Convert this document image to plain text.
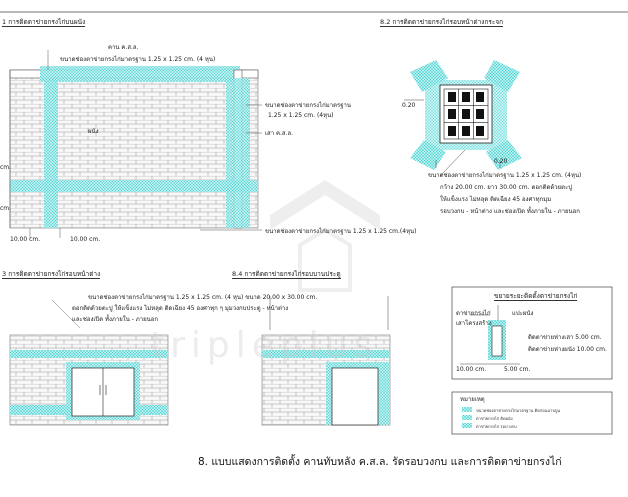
1 การติดตาข่ายกรงไก่บนผนัง	8.2 การติดตาข่ายกรงไก่รอบหน้าต่างกระจก
3 การติดตาข่ายกรงไก่รอบหน้าต่าง	8.4 การติดตาข่ายกรงไก่รอบบานประตู
ขยายระยะติดตั้งตาข่ายกรงไก่
คาน ค.ส.ล.
ขนาดช่องตาข่ายกรงไก่มาตรฐาน 1.25 x 1.25 cm. (4 หุน)
ขนาดช่องตาข่ายกรงไก่มาตรฐาน
1.25 x 1.25 cm. (4หุน)
เสา ค.ส.ล.
ขนาดช่องตาข่ายกรงไก่มาตรฐาน 1.25 x 1.25 cm.(4หุน)
10.00 cm.	10.00 cm.
cm.
cm.
ผนัง
0.20
0.20
ขนาดช่องตาข่ายกรงไก่มาตรฐาน 1.25 x 1.25 cm. (4หุน)
กว้าง 20.00 cm. ยาว 30.00 cm. ตอกติดด้วยตะปู
ให้แข็งแรง ไม่หลุด ติดเฉียง 45 องศาทุกมุม
รอบวงกบ - หน้าต่าง และช่องเปิด ทั้งภายใน - ภายนอก
ขนาดช่องตาข่ายกรงไก่มาตรฐาน 1.25 x 1.25 cm. (4 หุน) ขนาด 20.00 x 30.00 cm.
ตอกติดด้วยตะปู ให้แข็งแรง ไม่หลุด ติดเฉียง 45 องศาทุก ๆ มุมวงกบประตู - หน้าต่าง
และช่องเปิด ทั้งภายใน - ภายนอก
ตาข่ายกรงไก่	แปะผนัง
เสาโครงสร้าง
ติดตาข่ายห่างเสา 5.00 cm.
ติดตาข่ายห่างผนัง 10.00 cm.
10.00 cm.	5.00 cm.
หมายเหตุ
ขนาดช่องตาข่ายกรงไก่มาตรฐาน ติดก่อนฉาบปูน
ตาข่ายกรงไก่ ติดผนัง
ตาข่ายกรงไก่ รอบวงกบ
tripleplus
8. แบบแสดงการติดตั้ง คานทับหลัง ค.ส.ล. รัดรอบวงกบ และการติดตาข่ายกรงไก่
